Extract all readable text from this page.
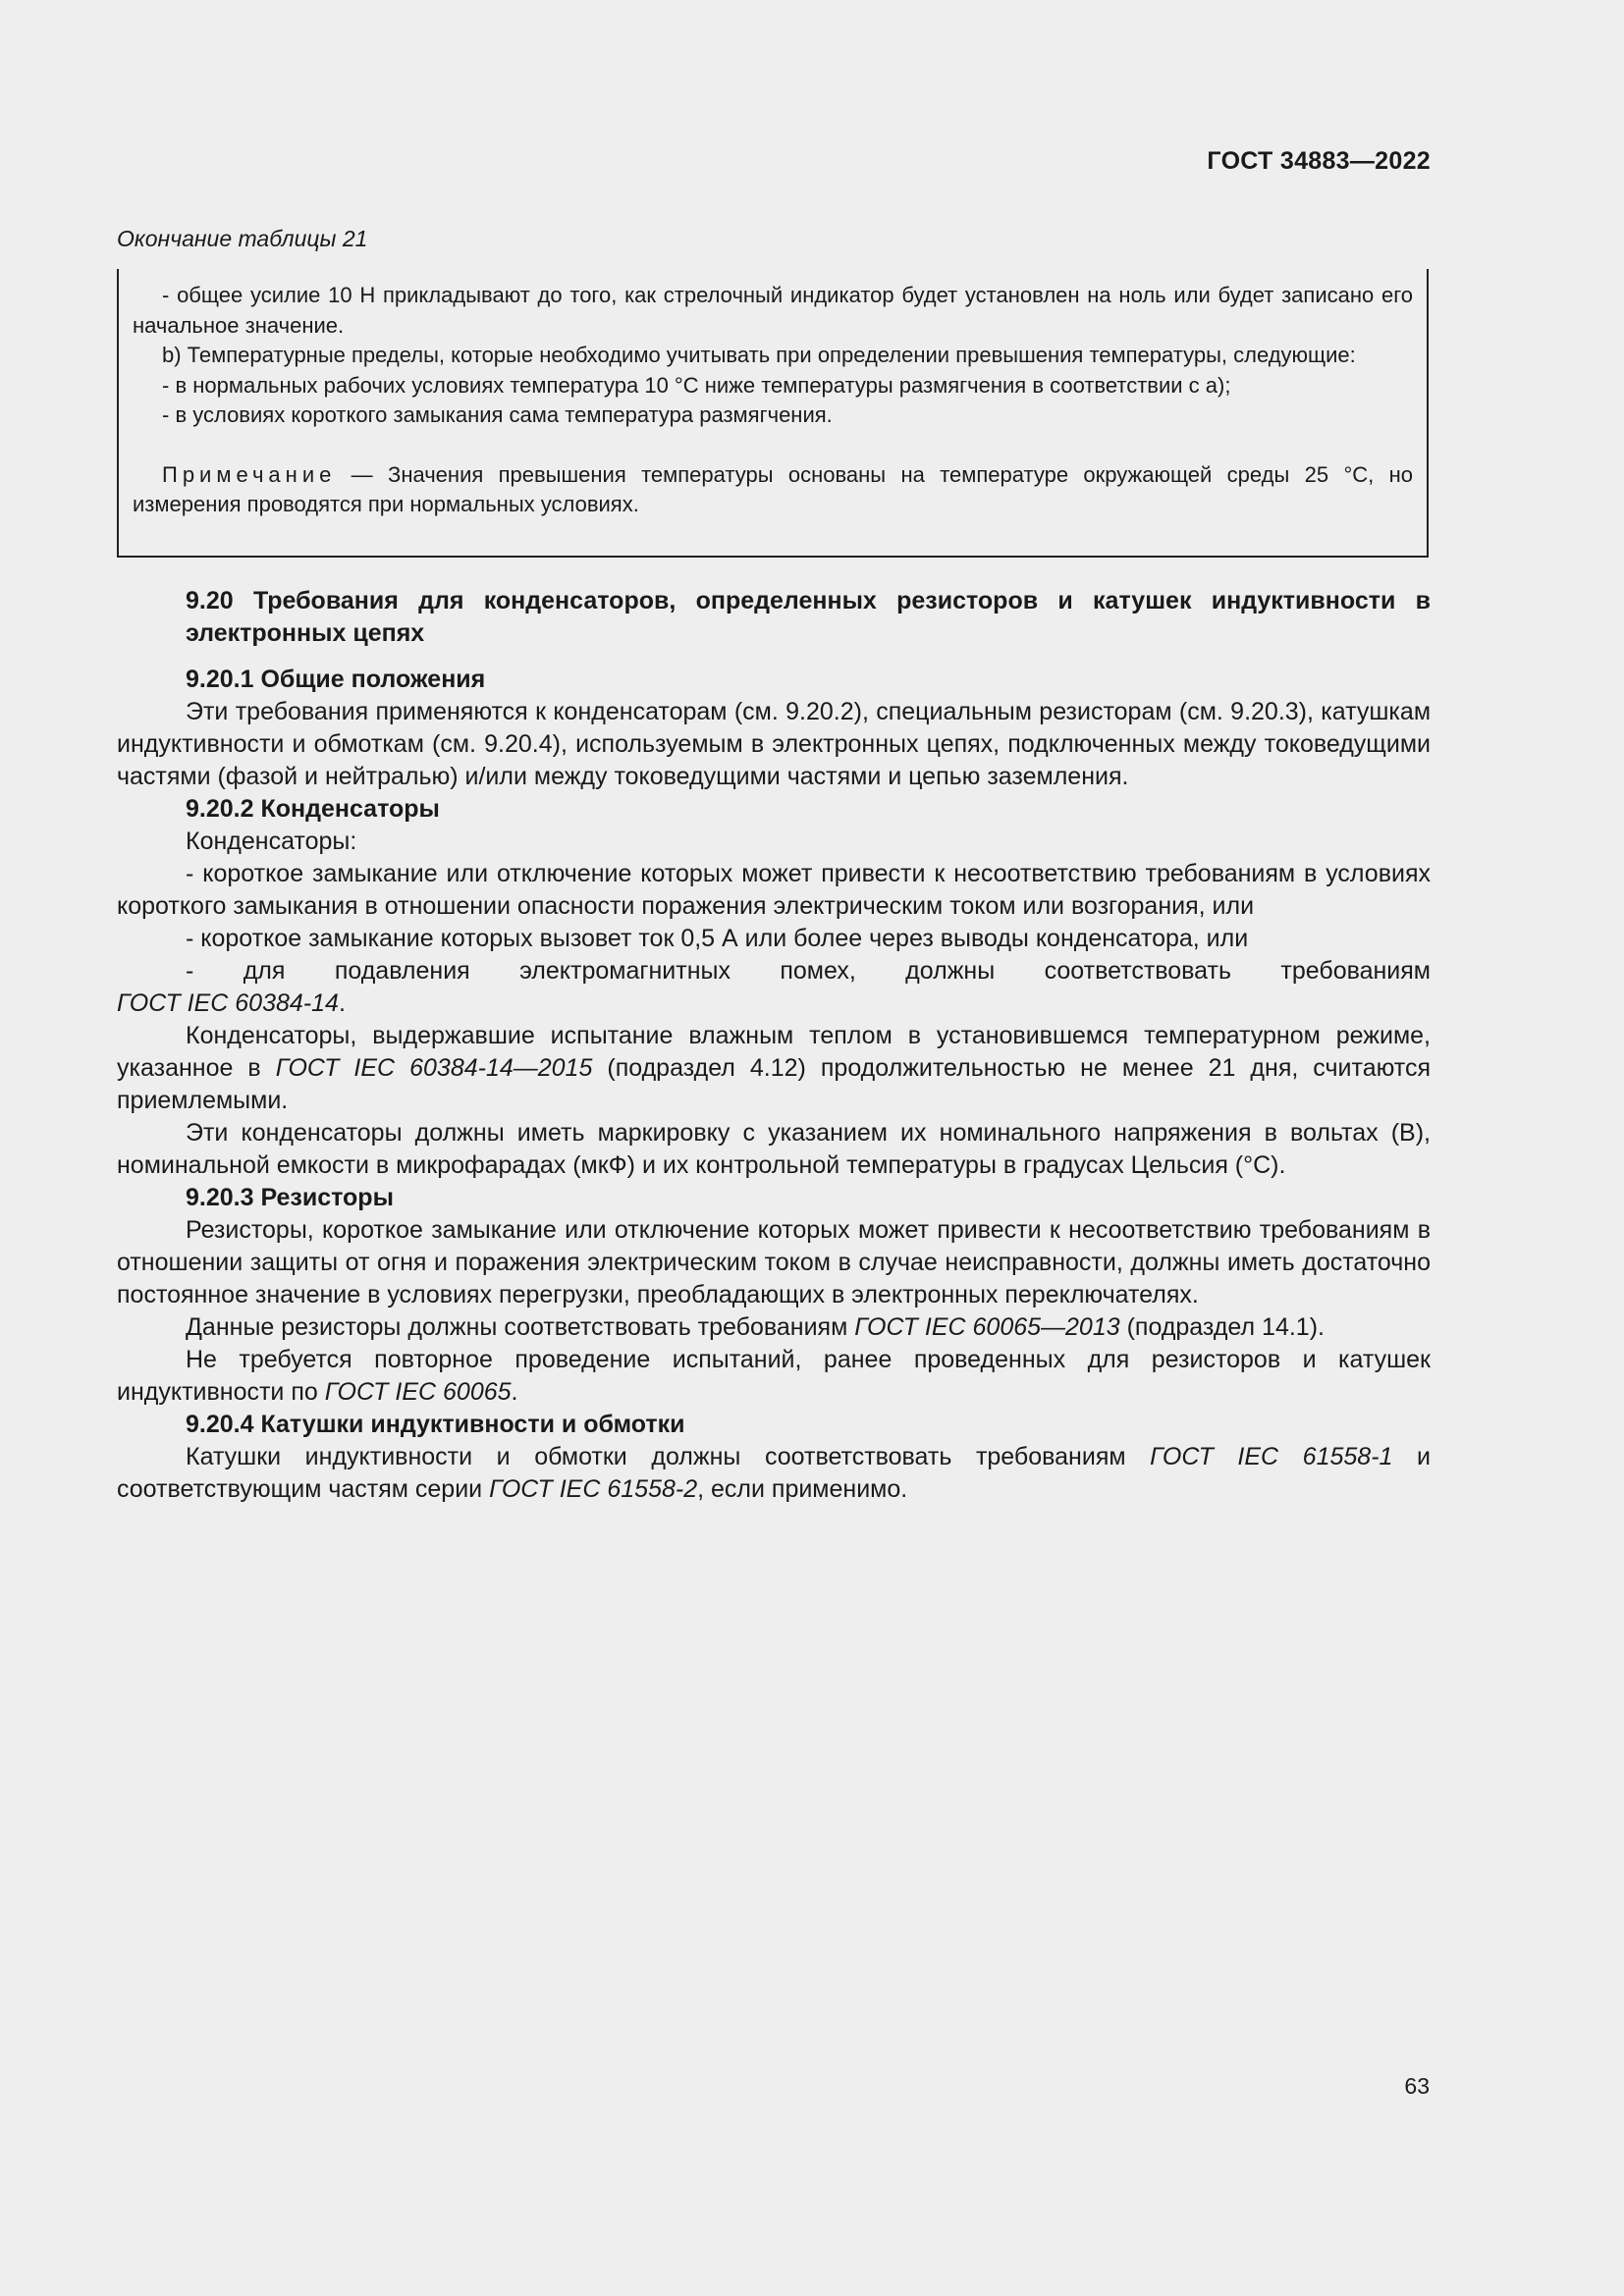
ГОСТ 34883—2022
Окончание таблицы 21

- общее усилие 10 Н прикладывают до того, как стрелочный индикатор будет установлен на ноль или будет записано его начальное значение.

b) Температурные пределы, которые необходимо учитывать при определении превышения температуры, следующие:

- в нормальных рабочих условиях температура 10 °С ниже температуры размягчения в соответствии с а);

- в условиях короткого замыкания сама температура размягчения.

Примечание — Значения превышения температуры основаны на температуре окружающей среды 25 °С, но измерения проводятся при нормальных условиях.

9.20 Требования для конденсаторов, определенных резисторов и катушек индуктивности в электронных цепях

9.20.1 Общие положения

Эти требования применяются к конденсаторам (см. 9.20.2), специальным резисторам (см. 9.20.3), катушкам индуктивности и обмоткам (см. 9.20.4), используемым в электронных цепях, подключенных между токоведущими частями (фазой и нейтралью) и/или между токоведущими частями и цепью заземления.

9.20.2 Конденсаторы

Конденсаторы:

- короткое замыкание или отключение которых может привести к несоответствию требованиям в условиях короткого замыкания в отношении опасности поражения электрическим током или возгорания, или

- короткое замыкание которых вызовет ток 0,5 А или более через выводы конденсатора, или

- для подавления электромагнитных помех, должны соответствовать требованиям

ГОСТ IEC 60384-14.

Конденсаторы, выдержавшие испытание влажным теплом в установившемся температурном режиме, указанное в ГОСТ IEC 60384-14—2015 (подраздел 4.12) продолжительностью не менее 21 дня, считаются приемлемыми.

Эти конденсаторы должны иметь маркировку с указанием их номинального напряжения в вольтах (В), номинальной емкости в микрофарадах (мкФ) и их контрольной температуры в градусах Цельсия (°С).

9.20.3 Резисторы

Резисторы, короткое замыкание или отключение которых может привести к несоответствию требованиям в отношении защиты от огня и поражения электрическим током в случае неисправности, должны иметь достаточно постоянное значение в условиях перегрузки, преобладающих в электронных переключателях.

Данные резисторы должны соответствовать требованиям ГОСТ IEC 60065—2013 (подраздел 14.1).

Не требуется повторное проведение испытаний, ранее проведенных для резисторов и катушек индуктивности по ГОСТ IEC 60065.

9.20.4 Катушки индуктивности и обмотки

Катушки индуктивности и обмотки должны соответствовать требованиям ГОСТ IEC 61558-1 и соответствующим частям серии ГОСТ IEC 61558-2, если применимо.

63
